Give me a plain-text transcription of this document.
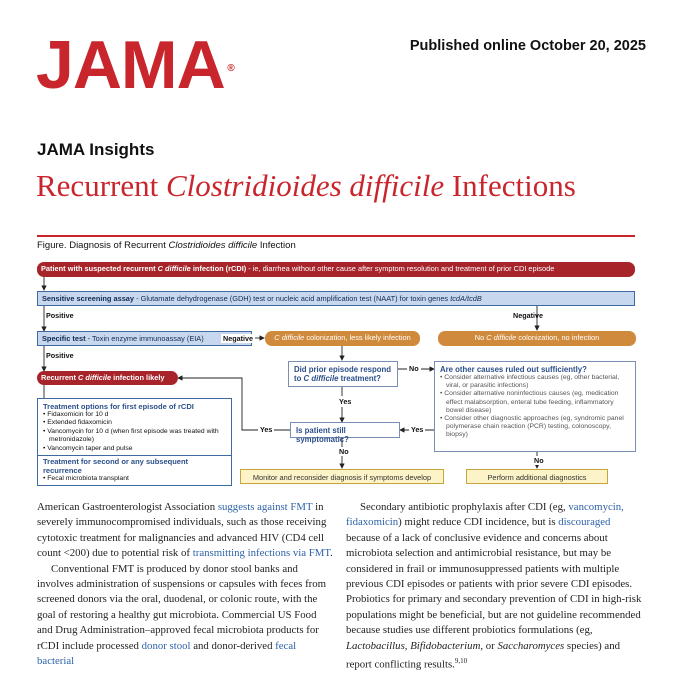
JAMA ®
Published online October 20, 2025
JAMA Insights
Recurrent Clostridioides difficile Infections
Figure. Diagnosis of Recurrent Clostridioides difficile Infection
Patient with suspected recurrent C difficile infection (rCDI) - ie, diarrhea without other cause after symptom resolution and treatment of prior CDI episode
Sensitive screening assay - Glutamate dehydrogenase (GDH) test or nucleic acid amplification test (NAAT) for toxin genes tcdA/tcdB
Positive	Negative
Specific test - Toxin enzyme immunoassay (EIA)	Negative	C difficile colonization, less likely infection	No C difficile colonization, no infection
Positive
Recurrent C difficile infection likely
Did prior episode respond
to C difficile treatment?
No	Are other causes ruled out sufficiently?
• Consider alternative infectious causes (eg, other bacterial, viral, or parasitic infections)
• Consider alternative noninfectious causes (eg, medication effect malabsorption, enteral tube feeding, inflammatory bowel disease)
• Consider other diagnostic approaches (eg, syndromic panel polymerase chain reaction (PCR) testing, colonoscopy, biopsy)
Yes
Is patient still symptomatic?
Yes	Yes
No
No
Treatment options for first episode of rCDI
• Fidaxomicin for 10 d
• Extended fidaxomicin
• Vancomycin for 10 d (when first episode was treated with metronidazole)
• Vancomycin taper and pulse
Treatment for second or any subsequent recurrence
• Fecal microbiota transplant	Monitor and reconsider diagnosis if symptoms develop	Perform additional diagnostics
American Gastroenterologist Association suggests against FMT in severely immunocompromised individuals, such as those receiving cytotoxic treatment for malignancies and advanced HIV (CD4 cell count <200) due to potential risk of transmitting infections via FMT.
Conventional FMT is produced by donor stool banks and involves administration of suspensions or capsules with feces from screened donors via the oral, duodenal, or colonic route, with the goal of restoring a healthy gut microbiota. Commercial US Food and Drug Administration–approved fecal microbiota products for rCDI include processed donor stool and donor-derived fecal bacterial
Secondary antibiotic prophylaxis after CDI (eg, vancomycin, fidaxomicin) might reduce CDI incidence, but is discouraged because of a lack of conclusive evidence and concerns about microbiota selection and antimicrobial resistance, but may be considered in frail or immunosuppressed patients with multiple previous CDI episodes or patients with prior severe CDI episodes. Probiotics for primary and secondary prevention of CDI in high-risk populations might be beneficial, but are not guideline recommended because studies use different probiotics formulations (eg, Lactobacillus, Bifidobacterium, or Saccharomyces species) and report conflicting results.$^{9,10}$
